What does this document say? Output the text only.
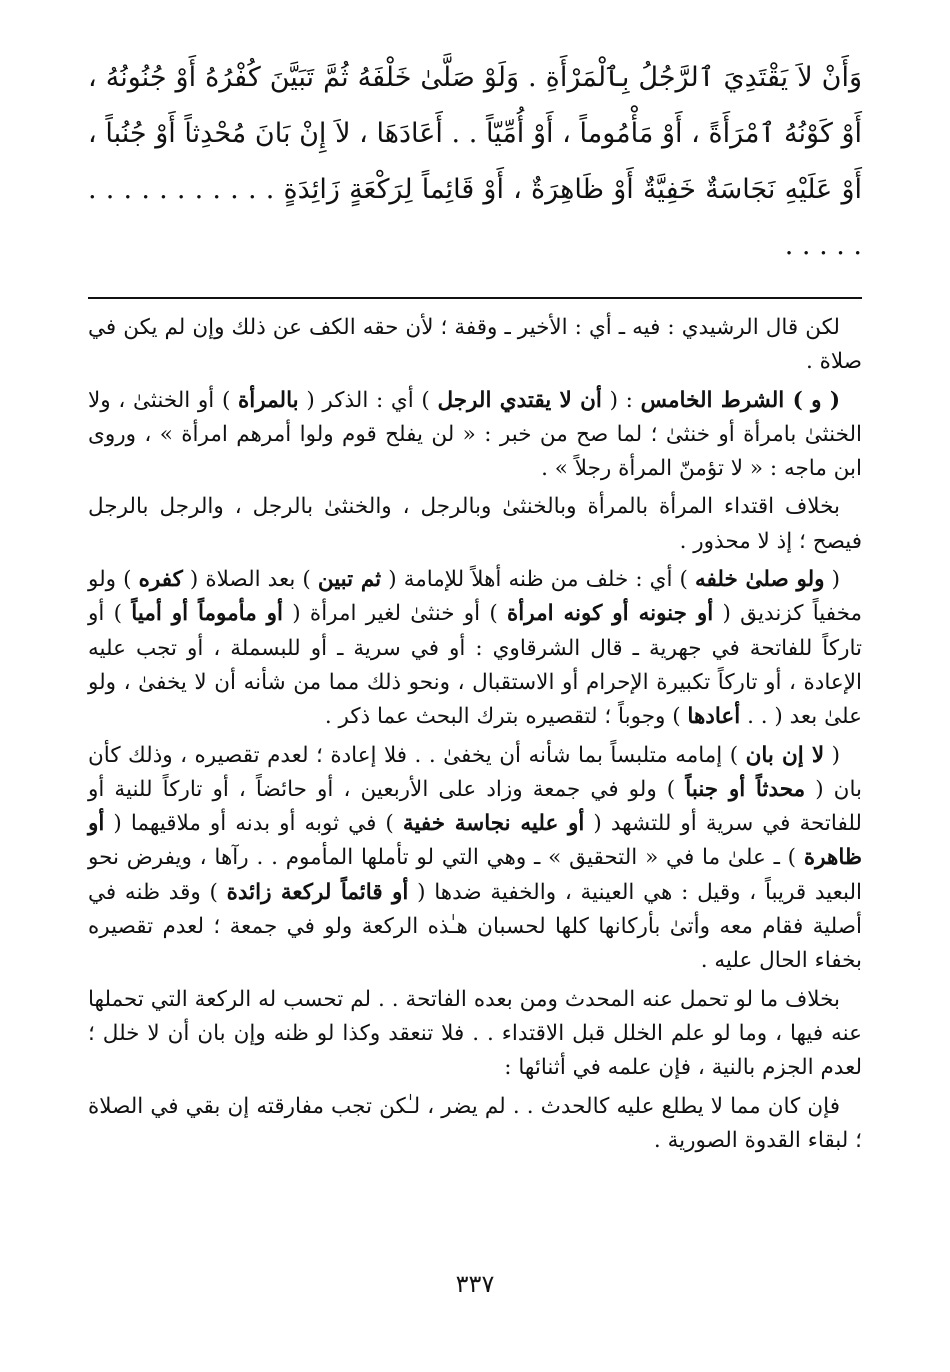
وَأَنْ لاَ يَقْتَدِيَ ٱلرَّجُلُ بِٱلْمَرْأَةِ . وَلَوْ صَلَّىٰ خَلْفَهُ ثُمَّ تَبَيَّنَ كُفْرُهُ أَوْ جُنُونُهُ ، أَوْ كَوْنُهُ ٱمْرَأَةً ، أَوْ مَأْمُوماً ، أَوْ أُمِّيّاً . . أَعَادَهَا ، لاَ إِنْ بَانَ مُحْدِثاً أَوْ جُنُباً ، أَوْ عَلَيْهِ نَجَاسَةٌ خَفِيَّةٌ أَوْ ظَاهِرَةٌ ، أَوْ قَائِماً لِرَكْعَةٍ زَائِدَةٍ . . . . . . . . . . . . . . . .

لكن قال الرشيدي : فيه ـ أي : الأخير ـ وقفة ؛ لأن حقه الكف عن ذلك وإن لم يكن في صلاة .

( و ) الشرط الخامس : ( أن لا يقتدي الرجل ) أي : الذكر ( بالمرأة ) أو الخنثىٰ ، ولا الخنثىٰ بامرأة أو خنثىٰ ؛ لما صح من خبر : « لن يفلح قوم ولوا أمرهم امرأة » ، وروى ابن ماجه : « لا تؤمنّ المرأة رجلاً » .

بخلاف اقتداء المرأة بالمرأة وبالخنثىٰ وبالرجل ، والخنثىٰ بالرجل ، والرجل بالرجل فيصح ؛ إذ لا محذور .

( ولو صلىٰ خلفه ) أي : خلف من ظنه أهلاً للإمامة ( ثم تبين ) بعد الصلاة ( كفره ) ولو مخفياً كزنديق ( أو جنونه أو كونه امرأة ) أو خنثىٰ لغير امرأة ( أو مأموماً أو أمياً ) أو تاركاً للفاتحة في جهرية ـ قال الشرقاوي : أو في سرية ـ أو للبسملة ، أو تجب عليه الإعادة ، أو تاركاً تكبيرة الإحرام أو الاستقبال ، ونحو ذلك مما من شأنه أن لا يخفىٰ ، ولو علىٰ بعد ( . . أعادها ) وجوباً ؛ لتقصيره بترك البحث عما ذكر .

( لا إن بان ) إمامه متلبساً بما شأنه أن يخفىٰ . . فلا إعادة ؛ لعدم تقصيره ، وذلك كأن بان ( محدثاً أو جنباً ) ولو في جمعة وزاد على الأربعين ، أو حائضاً ، أو تاركاً للنية أو للفاتحة في سرية أو للتشهد ( أو عليه نجاسة خفية ) في ثوبه أو بدنه أو ملاقيهما ( أو ظاهرة ) ـ علىٰ ما في « التحقيق » ـ وهي التي لو تأملها المأموم . . رآها ، ويفرض نحو البعيد قريباً ، وقيل : هي العينية ، والخفية ضدها ( أو قائماً لركعة زائدة ) وقد ظنه في أصلية فقام معه وأتىٰ بأركانها كلها لحسبان هـٰذه الركعة ولو في جمعة ؛ لعدم تقصيره بخفاء الحال عليه .

بخلاف ما لو تحمل عنه المحدث ومن بعده الفاتحة . . لم تحسب له الركعة التي تحملها عنه فيها ، وما لو علم الخلل قبل الاقتداء . . فلا تنعقد وكذا لو ظنه وإن بان أن لا خلل ؛ لعدم الجزم بالنية ، فإن علمه في أثنائها :

فإن كان مما لا يطلع عليه كالحدث . . لم يضر ، لـٰكن تجب مفارقته إن بقي في الصلاة ؛ لبقاء القدوة الصورية .

٣٣٧
